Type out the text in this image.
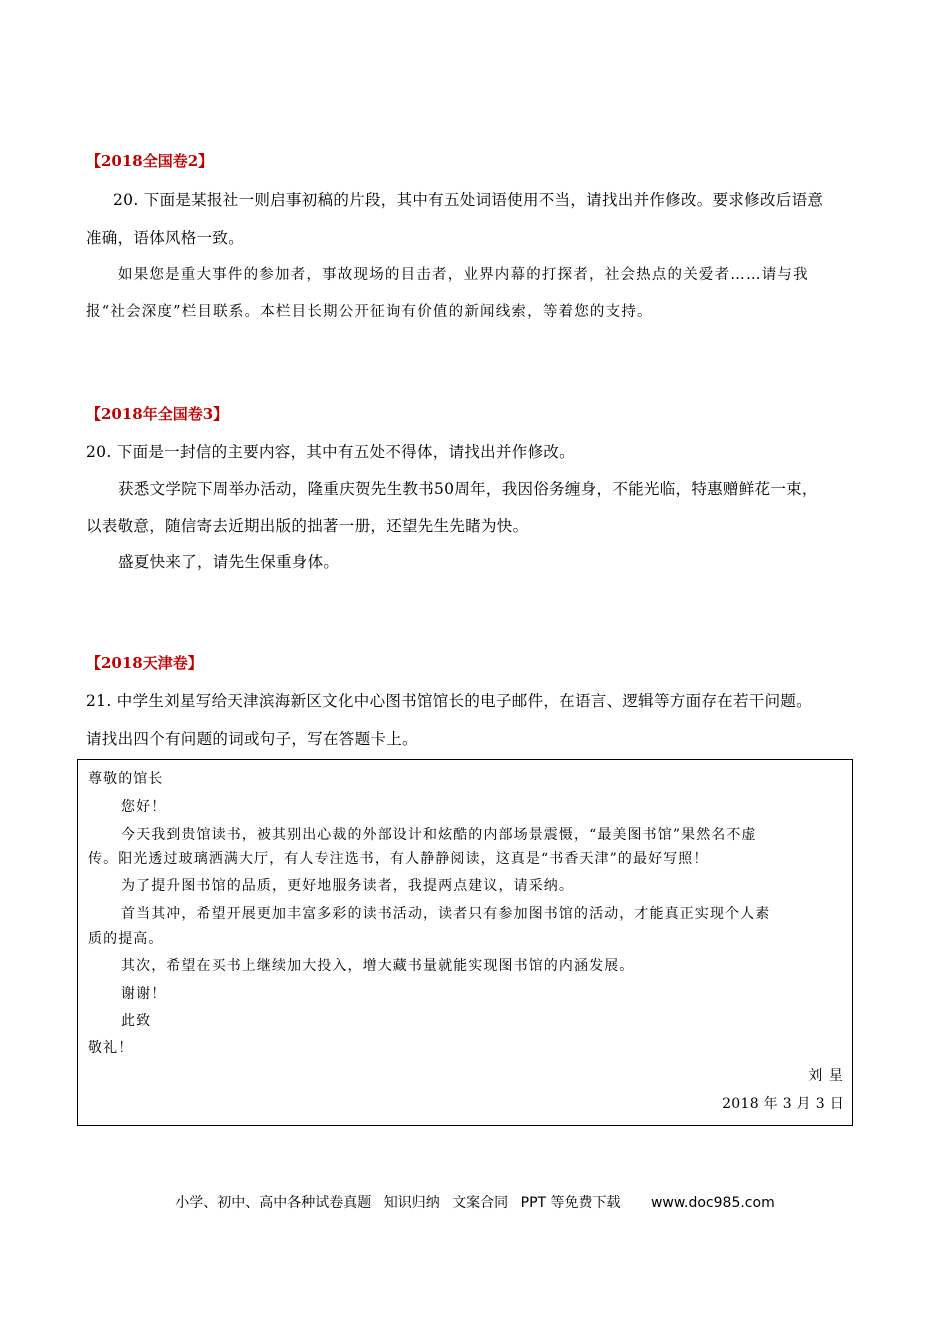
【2018全国卷2】
20. 下面是某报社一则启事初稿的片段，其中有五处词语使用不当，请找出并作修改。要求修改后语意
准确，语体风格一致。
如果您是重大事件的参加者，事故现场的目击者，业界内幕的打探者，社会热点的关爱者……请与我
报“社会深度”栏目联系。本栏目长期公开征询有价值的新闻线索，等着您的支持。
【2018年全国卷3】
20. 下面是一封信的主要内容，其中有五处不得体，请找出并作修改。
获悉文学院下周举办活动，隆重庆贺先生教书50周年，我因俗务缠身，不能光临，特惠赠鲜花一束，
以表敬意，随信寄去近期出版的拙著一册，还望先生先睹为快。
盛夏快来了，请先生保重身体。
【2018天津卷】
21. 中学生刘星写给天津滨海新区文化中心图书馆馆长的电子邮件，在语言、逻辑等方面存在若干问题。
请找出四个有问题的词或句子，写在答题卡上。
尊敬的馆长
您好！
今天我到贵馆读书，被其别出心裁的外部设计和炫酷的内部场景震慑，“最美图书馆”果然名不虚
传。阳光透过玻璃洒满大厅，有人专注选书，有人静静阅读，这真是“书香天津”的最好写照！
为了提升图书馆的品质，更好地服务读者，我提两点建议，请采纳。
首当其冲，希望开展更加丰富多彩的读书活动，读者只有参加图书馆的活动，才能真正实现个人素
质的提高。
其次，希望在买书上继续加大投入，增大藏书量就能实现图书馆的内涵发展。
谢谢！
此致
敬礼！
刘 星
2018 年 3 月 3 日
小学、初中、高中各种试卷真题 知识归纳 文案合同 PPT 等免费下载 www.doc985.com
